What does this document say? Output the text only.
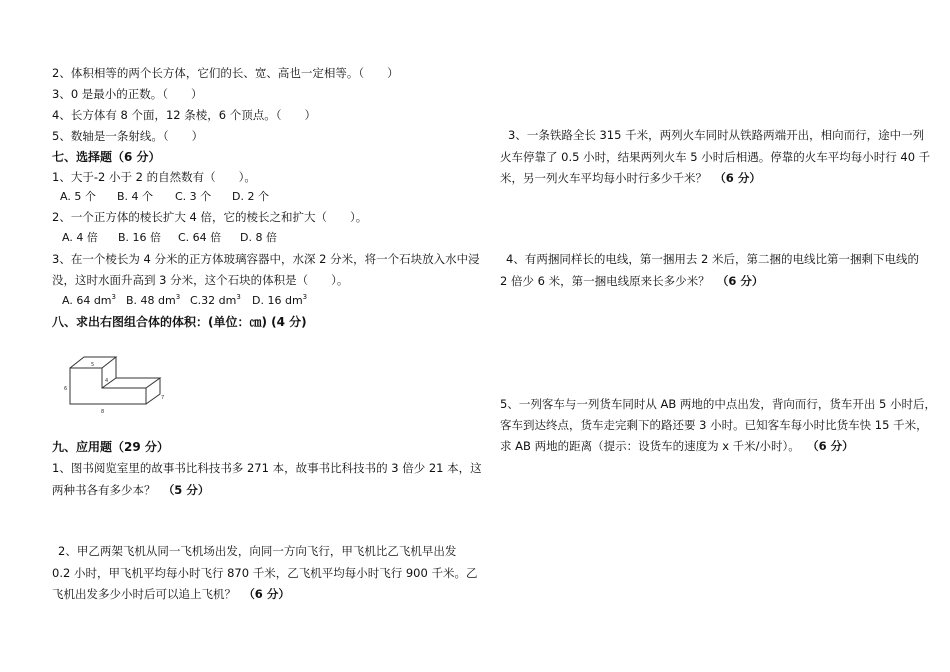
2、体积相等的两个长方体，它们的长、宽、高也一定相等。（　　）
3、0 是最小的正数。（　　）
4、长方体有 8 个面，12 条棱，6 个顶点。（　　）
5、数轴是一条射线。（　　）
七、选择题（6 分）
1、大于-2 小于 2 的自然数有（　　）。
A. 5 个 B. 4 个 C. 3 个 D. 2 个
2、一个正方体的棱长扩大 4 倍，它的棱长之和扩大（　　）。
A. 4 倍 B. 16 倍 C. 64 倍 D. 8 倍
3、在一个棱长为 4 分米的正方体玻璃容器中，水深 2 分米，将一个石块放入水中浸
没，这时水面升高到 3 分米，这个石块的体积是（　　）。
A. 64 $dm^3$ B. 48 $dm^3$ C.32 $dm^3$ D. 16 $dm^3$
八、求出右图组合体的体积：(单位：㎝) (4 分)
5
4
6
7
8
九、应用题（29 分）
1、图书阅览室里的故事书比科技书多 271 本，故事书比科技书的 3 倍少 21 本，这
两种书各有多少本？ （5 分）
2、甲乙两架飞机从同一飞机场出发，向同一方向飞行，甲飞机比乙飞机早出发
0.2 小时，甲飞机平均每小时飞行 870 千米，乙飞机平均每小时飞行 900 千米。乙
飞机出发多少小时后可以追上飞机？ （6 分）
3、一条铁路全长 315 千米，两列火车同时从铁路两端开出，相向而行，途中一列
火车停靠了 0.5 小时，结果两列火车 5 小时后相遇。停靠的火车平均每小时行 40 千
米，另一列火车平均每小时行多少千米？ （6 分）
4、有两捆同样长的电线，第一捆用去 2 米后，第二捆的电线比第一捆剩下电线的
2 倍少 6 米，第一捆电线原来长多少米？ （6 分）
5、一列客车与一列货车同时从 AB 两地的中点出发，背向而行，货车开出 5 小时后，
客车到达终点，货车走完剩下的路还要 3 小时。已知客车每小时比货车快 15 千米，
求 AB 两地的距离（提示：设货车的速度为 x 千米/小时）。 （6 分）
